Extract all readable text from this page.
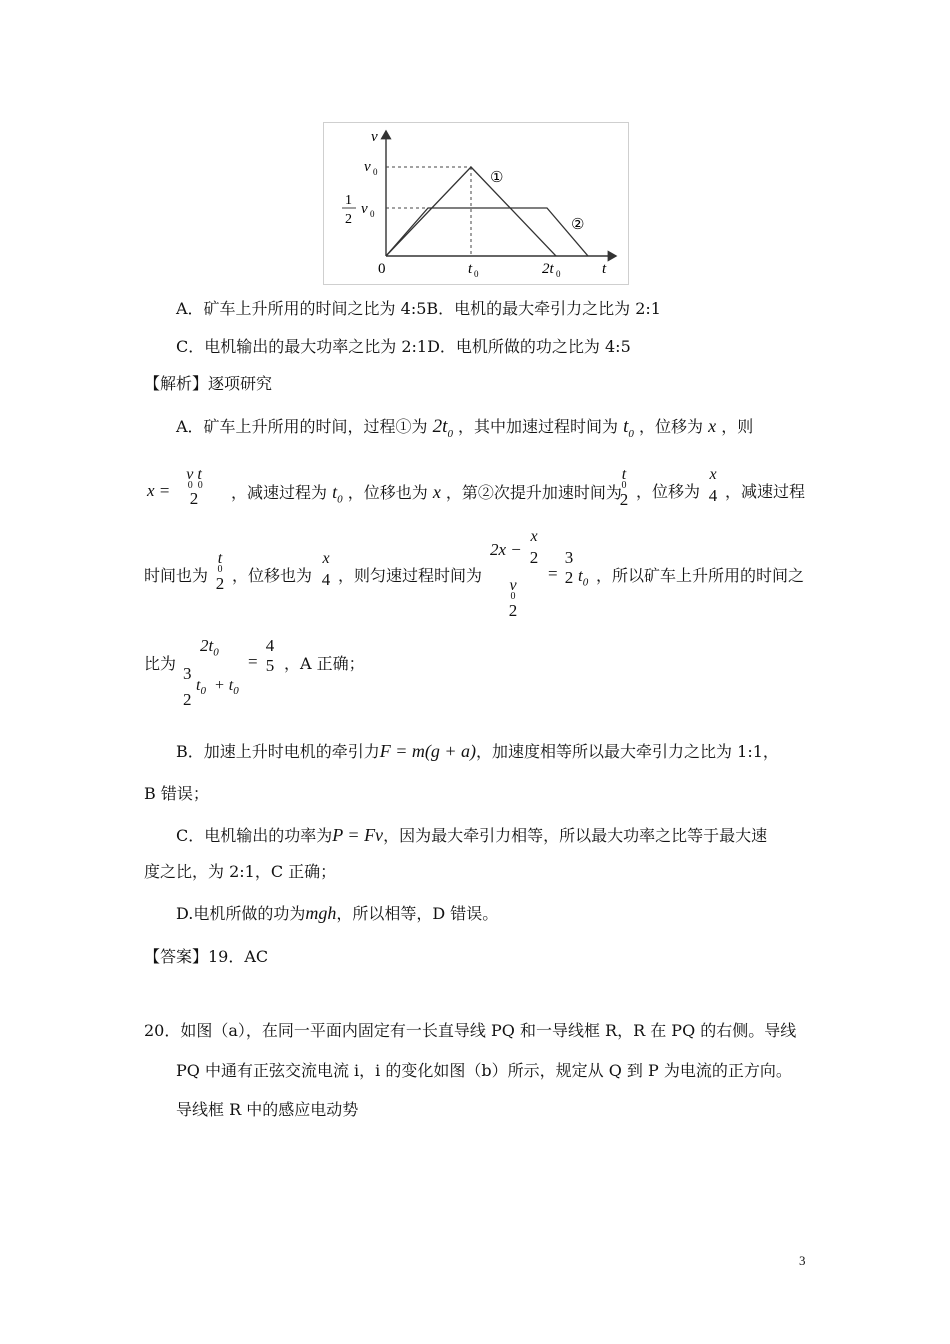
v
t
v 0
1
2
v 0
0	t 0	2t 0
①
②
A．矿车上升所用的时间之比为 4:5B．电机的最大牵引力之比为 2:1
C．电机输出的最大功率之比为 2:1D．电机所做的功之比为 4:5
【解析】逐项研究
A．矿车上升所用的时间，过程①为 $2t_0$ ，其中加速过程时间为 $t_0$ ，位移为 x ，则
x =
v t
0 0
2	，减速过程为 $t_0$ ，位移也为 x ，第②次提升加速时间为
t
0
2 ，位移为
x
4 ，减速过程
时间也为
t
0
2 ，位移也为
x
4 ，则匀速过程时间为
2x −
x
2
v
0
2
=
3
2 $t_0$ ，所以矿车上升所用的时间之
比为
$2t_0$
3
2
$t_0 + t_0$
=
4
5 ，A 正确；
B．加速上升时电机的牵引力F = m(g + a)，加速度相等所以最大牵引力之比为 1:1，
B 错误；
C．电机输出的功率为P = Fv，因为最大牵引力相等，所以最大功率之比等于最大速
度之比，为 2:1，C 正确；
D.电机所做的功为mgh，所以相等，D 错误。
【答案】19．AC
20．如图（a），在同一平面内固定有一长直导线 PQ 和一导线框 R，R 在 PQ 的右侧。导线
PQ 中通有正弦交流电流 i，i 的变化如图（b）所示，规定从 Q 到 P 为电流的正方向。
导线框 R 中的感应电动势
3
